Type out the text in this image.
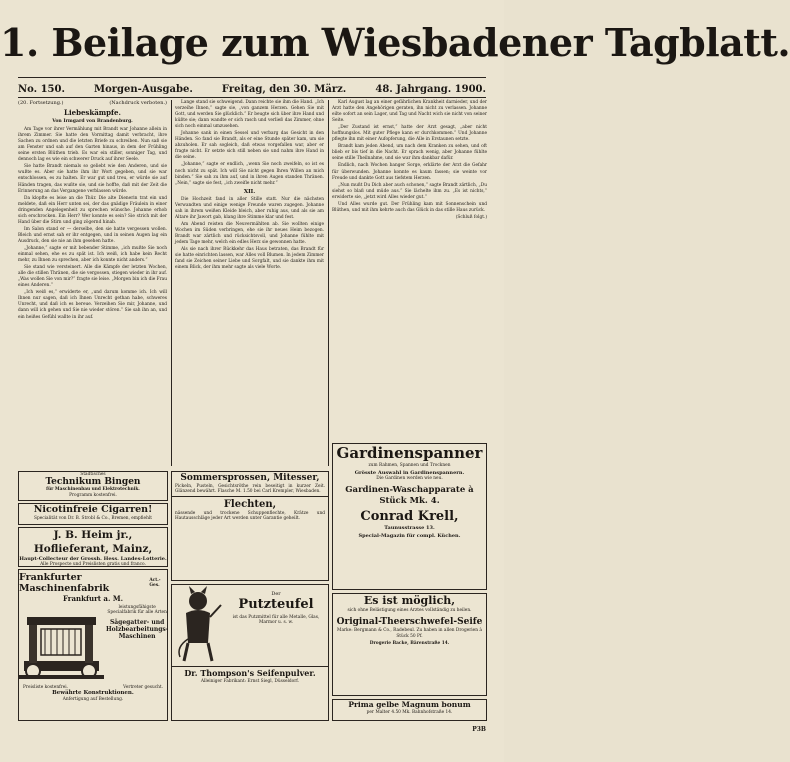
1. Beilage zum Wiesbadener Tagblatt.
No. 150.	Morgen-Ausgabe.	Freitag, den 30. März.	48. Jahrgang. 1900.
(20. Fortsetzung.)	(Nachdruck verboten.)
Liebeskämpfe.
Von Irmgard von Brandenburg.

Am Tage vor ihrer Vermählung mit Brandt war Johanne allein in ihrem Zimmer. Sie hatte den Vormittag damit verbracht, ihre Sachen zu ordnen und die letzten Briefe zu schreiben. Nun saß sie am Fenster und sah auf den Garten hinaus, in dem der Frühling seine ersten Blüthen trieb. Es war ein stiller, sonniger Tag, und dennoch lag es wie ein schwerer Druck auf ihrer Seele.

Sie hatte Brandt niemals so geliebt wie den Anderen, und sie wußte es. Aber sie hatte ihm ihr Wort gegeben, und sie war entschlossen, es zu halten. Er war gut und treu, er würde sie auf Händen tragen, das wußte sie, und sie hoffte, daß mit der Zeit die Erinnerung an das Vergangene verblassen würde.

Da klopfte es leise an die Thür. Die alte Dienerin trat ein und meldete, daß ein Herr unten sei, der das gnädige Fräulein in einer dringenden Angelegenheit zu sprechen wünsche. Johanne erhob sich erschrocken. Ein Herr? Wer konnte es sein? Sie strich mit der Hand über die Stirn und ging zögernd hinab.

Im Salon stand er — derselbe, den sie hatte vergessen wollen. Bleich und ernst sah er ihr entgegen, und in seinen Augen lag ein Ausdruck, den sie nie an ihm gesehen hatte.

„Johanne,“ sagte er mit bebender Stimme, „ich mußte Sie noch einmal sehen, ehe es zu spät ist. Ich weiß, ich habe kein Recht mehr, zu Ihnen zu sprechen, aber ich konnte nicht anders.“

Sie stand wie versteinert. Alle die Kämpfe der letzten Wochen, alle die stillen Thränen, die sie vergossen, stiegen wieder in ihr auf. „Was wollen Sie von mir?“ fragte sie leise. „Morgen bin ich die Frau eines Anderen.“

„Ich weiß es,“ erwiderte er, „und darum komme ich. Ich will Ihnen nur sagen, daß ich Ihnen Unrecht gethan habe, schweres Unrecht, und daß ich es bereue. Verzeihen Sie mir, Johanne, und dann will ich gehen und Sie nie wieder stören.“ Sie sah ihn an, und ein heißes Gefühl wallte in ihr auf.

Lange stand sie schweigend. Dann reichte sie ihm die Hand. „Ich verzeihe Ihnen,“ sagte sie, „von ganzem Herzen. Gehen Sie mit Gott, und werden Sie glücklich.“ Er beugte sich über ihre Hand und küßte sie; dann wandte er sich rasch und verließ das Zimmer, ohne sich noch einmal umzusehen.

Johanne sank in einen Sessel und verbarg das Gesicht in den Händen. So fand sie Brandt, als er eine Stunde später kam, um sie abzuholen. Er sah sogleich, daß etwas vorgefallen war, aber er fragte nicht. Er setzte sich still neben sie und nahm ihre Hand in die seine.

„Johanne,“ sagte er endlich, „wenn Sie noch zweifeln, so ist es noch nicht zu spät. Ich will Sie nicht gegen Ihren Willen an mich binden.“ Sie sah zu ihm auf, und in ihren Augen standen Thränen. „Nein,“ sagte sie fest, „ich zweifle nicht mehr.“

XII.

Die Hochzeit fand in aller Stille statt. Nur die nächsten Verwandten und einige wenige Freunde waren zugegen. Johanne sah in ihrem weißen Kleide bleich, aber ruhig aus, und als sie am Altare ihr Jawort gab, klang ihre Stimme klar und fest.

Am Abend reisten die Neuvermählten ab. Sie wollten einige Wochen im Süden verbringen, ehe sie ihr neues Heim bezogen. Brandt war zärtlich und rücksichtsvoll, und Johanne fühlte mit jedem Tage mehr, welch ein edles Herz sie gewonnen hatte.

Als sie nach ihrer Rückkehr das Haus betraten, das Brandt für sie hatte einrichten lassen, war Alles voll Blumen. In jedem Zimmer fand sie Zeichen seiner Liebe und Sorgfalt, und sie dankte ihm mit einem Blick, der ihm mehr sagte als viele Worte.

Karl August lag an einer gefährlichen Krankheit darnieder, und der Arzt hatte den Angehörigen geraten, ihn nicht zu verlassen. Johanne eilte sofort an sein Lager, und Tag und Nacht wich sie nicht von seiner Seite.

„Der Zustand ist ernst,“ hatte der Arzt gesagt, „aber nicht hoffnungslos. Mit guter Pflege kann er durchkommen.“ Und Johanne pflegte ihn mit einer Aufopferung, die Alle in Erstaunen setzte.

Brandt kam jeden Abend, um nach dem Kranken zu sehen, und oft blieb er bis tief in die Nacht. Er sprach wenig, aber Johanne fühlte seine stille Theilnahme, und sie war ihm dankbar dafür.

Endlich, nach Wochen banger Sorge, erklärte der Arzt die Gefahr für überwunden. Johanne konnte es kaum fassen; sie weinte vor Freude und dankte Gott aus tiefstem Herzen.

„Nun mußt Du Dich aber auch schonen,“ sagte Brandt zärtlich, „Du siehst so blaß und müde aus.“ Sie lächelte ihm zu. „Es ist nichts,“ erwiderte sie, „jetzt wird Alles wieder gut.“

Und Alles wurde gut. Der Frühling kam mit Sonnenschein und Blüthen, und mit ihm kehrte auch das Glück in das stille Haus zurück.

(Schluß folgt.)
Städtisches
Technikum Bingen
für Maschinenbau und Elektrotechnik.
Programm kostenfrei.
Nicotinfreie Cigarren!
Specialität von Dr. B. Strobl & Co., Bremen, empfiehlt
J. B. Heim jr., Hoflieferant, Mainz,
Haupt-Collecteur der Grossh. Hess. Landes-Lotterie.
Alle Prospecte und Preislisten gratis und franco.
Frankfurter Maschinenfabrik
Act.-Ges.
Frankfurt a. M.
leistungsfähigste Specialfabrik für alle Arten
Sägegatter- und Holzbearbeitungs-Maschinen
Preisliste kostenfrei.	Vertreter gesucht.
Bewährte Konstruktionen.
Anfertigung auf Bestellung.
Sommersprossen, Mitesser,
Pickeln, Pusteln, Gesichtsröthe rein beseitigt in kurzer Zeit. Glänzend bewährt. Flasche M. 1.50 bei Carl Krempler, Wiesbaden.
Flechten,
nässende und trockene Schuppenflechte, Krätze und Hautausschläge jeder Art werden unter Garantie geheilt.
Der
Putzteufel
ist das Putzmittel für alle Metalle, Glas, Marmor u. s. w.
Dr. Thompson's Seifenpulver.
Alleiniger Fabrikant: Ernst Siegl, Düsseldorf.
Gardinenspanner
zum Rahmen, Spannen und Trocknen
Grösste Auswahl in Gardinenspannern.
Die Gardinen werden wie neu.
Gardinen-Waschapparate à Stück Mk. 4.
Conrad Krell,
Taunusstrasse 13.
Special-Magazin für compl. Küchen.
Es ist möglich,
sich ohne Belästigung eines Arztes vollständig zu heilen.
Original-Theerschwefel-Seife
Marke: Bergmann & Co., Radebeul. Zu haben in allen Drogerien à Stück 50 Pf.
Drogerie Backe, Bärenstraße 14.
Prima gelbe Magnum bonum
per Malter 4.50 Mk. Bahnhofstraße 14.
P3B
